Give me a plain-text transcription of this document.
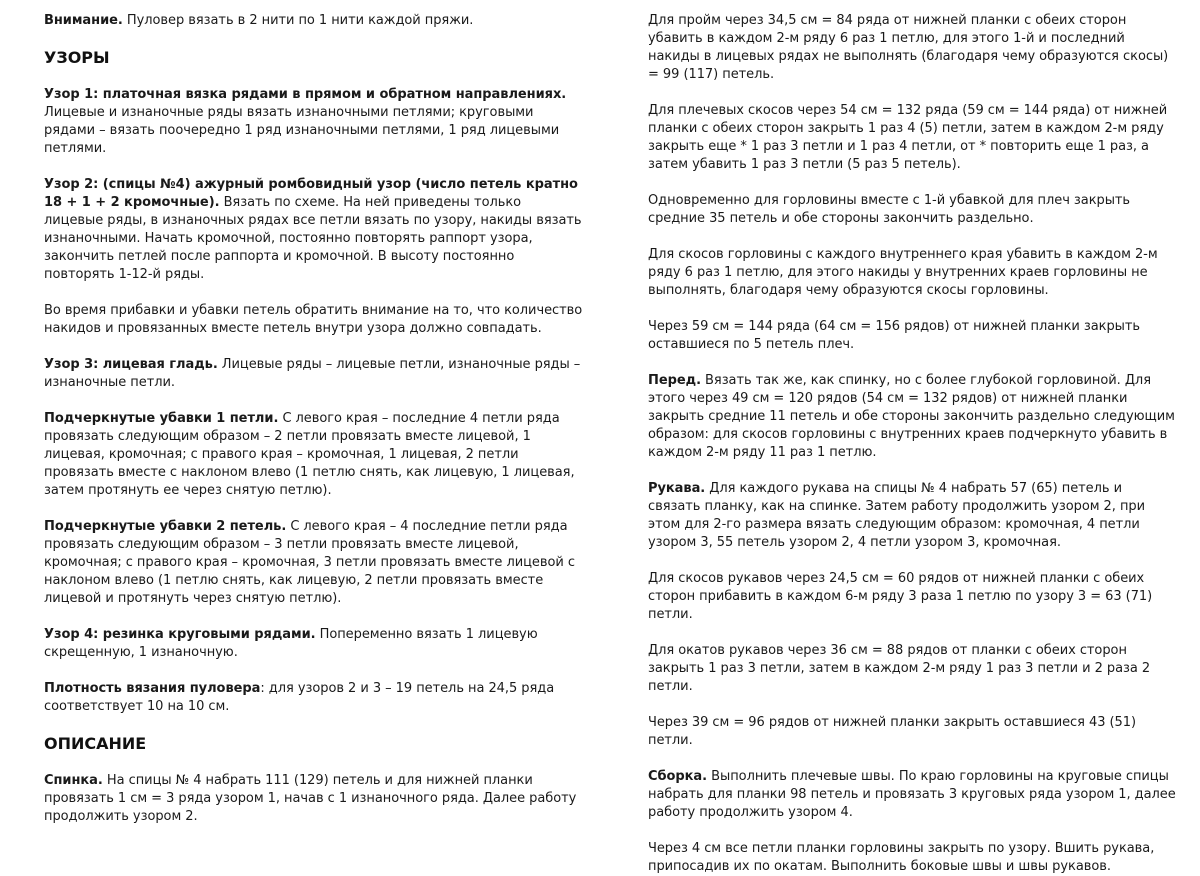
Внимание. Пуловер вязать в 2 нити по 1 нити каждой пряжи.

УЗОРЫ

Узор 1: платочная вязка рядами в прямом и обратном направлениях. Лицевые и изнаночные ряды вязать изнаночными петлями; круговыми рядами – вязать поочередно 1 ряд изнаночными петлями, 1 ряд лицевыми петлями.

Узор 2: (спицы №4) ажурный ромбовидный узор (число петель кратно 18 + 1 + 2 кромочные). Вязать по схеме. На ней приведены только лицевые ряды, в изнаночных рядах все петли вязать по узору, накиды вязать изнаночными. Начать кромочной, постоянно повторять раппорт узора, закончить петлей после раппорта и кромочной. В высоту постоянно повторять 1-12-й ряды.

Во время прибавки и убавки петель обратить внимание на то, что количество накидов и провязанных вместе петель внутри узора должно совпадать.

Узор 3: лицевая гладь. Лицевые ряды – лицевые петли, изнаночные ряды – изнаночные петли.

Подчеркнутые убавки 1 петли. С левого края – последние 4 петли ряда провязать следующим образом – 2 петли провязать вместе лицевой, 1 лицевая, кромочная; с правого края – кромочная, 1 лицевая, 2 петли провязать вместе с наклоном влево (1 петлю снять, как лицевую, 1 лицевая, затем протянуть ее через снятую петлю).

Подчеркнутые убавки 2 петель. С левого края – 4 последние петли ряда провязать следующим образом – 3 петли провязать вместе лицевой, кромочная; с правого края – кромочная, 3 петли провязать вместе лицевой с наклоном влево (1 петлю снять, как лицевую, 2 петли провязать вместе лицевой и протянуть через снятую петлю).

Узор 4: резинка круговыми рядами. Попеременно вязать 1 лицевую скрещенную, 1 изнаночную.

Плотность вязания пуловера: для узоров 2 и 3 – 19 петель на 24,5 ряда соответствует 10 на 10 см.

ОПИСАНИЕ

Спинка. На спицы № 4 набрать 111 (129) петель и для нижней планки провязать 1 см = 3 ряда узором 1, начав с 1 изнаночного ряда. Далее работу продолжить узором 2.

Для пройм через 34,5 см = 84 ряда от нижней планки с обеих сторон убавить в каждом 2-м ряду 6 раз 1 петлю, для этого 1-й и последний накиды в лицевых рядах не выполнять (благодаря чему образуются скосы) = 99 (117) петель.

Для плечевых скосов через 54 см = 132 ряда (59 см = 144 ряда) от нижней планки с обеих сторон закрыть 1 раз 4 (5) петли, затем в каждом 2-м ряду закрыть еще * 1 раз 3 петли и 1 раз 4 петли, от * повторить еще 1 раз, а затем убавить 1 раз 3 петли (5 раз 5 петель).

Одновременно для горловины вместе с 1-й убавкой для плеч закрыть средние 35 петель и обе стороны закончить раздельно.

Для скосов горловины с каждого внутреннего края убавить в каждом 2-м ряду 6 раз 1 петлю, для этого накиды у внутренних краев горловины не выполнять, благодаря чему образуются скосы горловины.

Через 59 см = 144 ряда (64 см = 156 рядов) от нижней планки закрыть оставшиеся по 5 петель плеч.

Перед. Вязать так же, как спинку, но с более глубокой горловиной. Для этого через 49 см = 120 рядов (54 см = 132 рядов) от нижней планки закрыть средние 11 петель и обе стороны закончить раздельно следующим образом: для скосов горловины с внутренних краев подчеркнуто убавить в каждом 2-м ряду 11 раз 1 петлю.

Рукава. Для каждого рукава на спицы № 4 набрать 57 (65) петель и связать планку, как на спинке. Затем работу продолжить узором 2, при этом для 2-го размера вязать следующим образом: кромочная, 4 петли узором 3, 55 петель узором 2, 4 петли узором 3, кромочная.

Для скосов рукавов через 24,5 см = 60 рядов от нижней планки с обеих сторон прибавить в каждом 6-м ряду 3 раза 1 петлю по узору 3 = 63 (71) петли.

Для окатов рукавов через 36 см = 88 рядов от планки с обеих сторон закрыть 1 раз 3 петли, затем в каждом 2-м ряду 1 раз 3 петли и 2 раза 2 петли.

Через 39 см = 96 рядов от нижней планки закрыть оставшиеся 43 (51) петли.

Сборка. Выполнить плечевые швы. По краю горловины на круговые спицы набрать для планки 98 петель и провязать 3 круговых ряда узором 1, далее работу продолжить узором 4.

Через 4 см все петли планки горловины закрыть по узору. Вшить рукава, припосадив их по окатам. Выполнить боковые швы и швы рукавов.
